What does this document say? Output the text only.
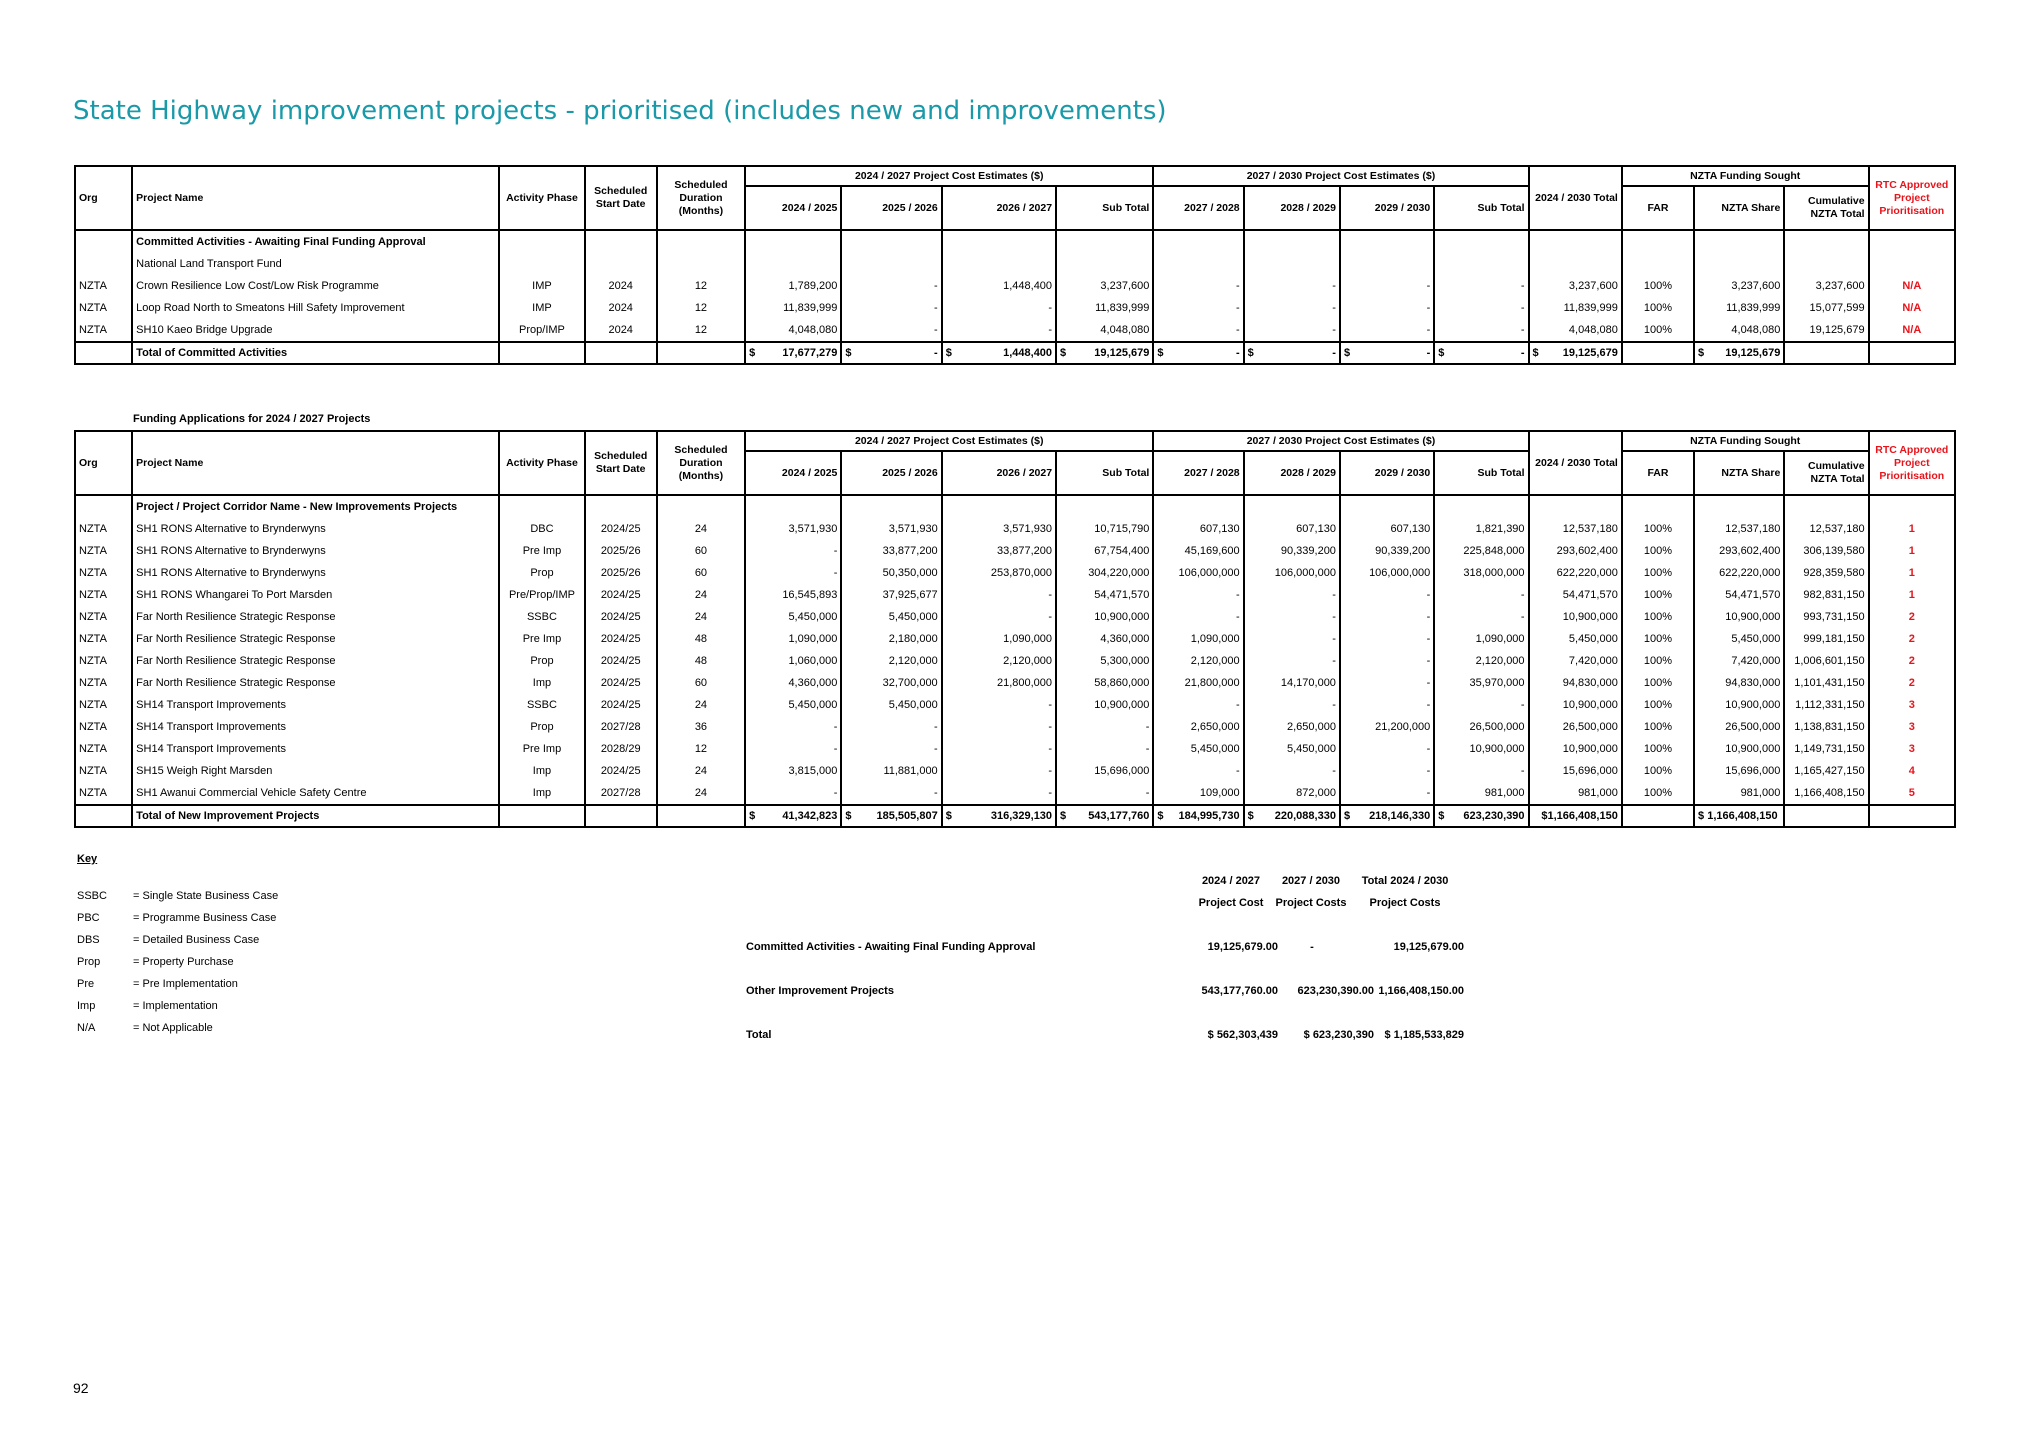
State Highway improvement projects - prioritised (includes new and improvements)
Org	Project Name	Activity Phase	Scheduled Start Date	Scheduled Duration (Months)	2024 / 2027 Project Cost Estimates ($)				2027 / 2030 Project Cost Estimates ($)				2024 / 2030 Total	NZTA Funding Sought			RTC Approved Project Prioritisation
					2024 / 2025	2025 / 2026	2026 / 2027	Sub Total	2027 / 2028	2028 / 2029	2029 / 2030	Sub Total		FAR	NZTA Share	Cumulative NZTA Total	
	Committed Activities - Awaiting Final Funding Approval																
	National Land Transport Fund																
NZTA	Crown Resilience Low Cost/Low Risk Programme	IMP	2024	12	1,789,200	-	1,448,400	3,237,600	-	-	-	-	3,237,600	100%	3,237,600	3,237,600	N/A
NZTA	Loop Road North to Smeatons Hill Safety Improvement	IMP	2024	12	11,839,999	-	-	11,839,999	-	-	-	-	11,839,999	100%	11,839,999	15,077,599	N/A
NZTA	SH10 Kaeo Bridge Upgrade	Prop/IMP	2024	12	4,048,080	-	-	4,048,080	-	-	-	-	4,048,080	100%	4,048,080	19,125,679	N/A
	Total of Committed Activities				$ 17,677,279	$ -	$ 1,448,400	$ 19,125,679	$ -	$ -	$ -	$ -	$ 19,125,679		$ 19,125,679		
Funding Applications for 2024 / 2027 Projects
Org	Project Name	Activity Phase	Scheduled Start Date	Scheduled Duration (Months)	2024 / 2027 Project Cost Estimates ($)				2027 / 2030 Project Cost Estimates ($)				2024 / 2030 Total	NZTA Funding Sought			RTC Approved Project Prioritisation
					2024 / 2025	2025 / 2026	2026 / 2027	Sub Total	2027 / 2028	2028 / 2029	2029 / 2030	Sub Total		FAR	NZTA Share	Cumulative NZTA Total	
	Project / Project Corridor Name - New Improvements Projects																
NZTA	SH1 RONS Alternative to Brynderwyns	DBC	2024/25	24	3,571,930	3,571,930	3,571,930	10,715,790	607,130	607,130	607,130	1,821,390	12,537,180	100%	12,537,180	12,537,180	1
NZTA	SH1 RONS Alternative to Brynderwyns	Pre Imp	2025/26	60	-	33,877,200	33,877,200	67,754,400	45,169,600	90,339,200	90,339,200	225,848,000	293,602,400	100%	293,602,400	306,139,580	1
NZTA	SH1 RONS Alternative to Brynderwyns	Prop	2025/26	60	-	50,350,000	253,870,000	304,220,000	106,000,000	106,000,000	106,000,000	318,000,000	622,220,000	100%	622,220,000	928,359,580	1
NZTA	SH1 RONS Whangarei To Port Marsden	Pre/Prop/IMP	2024/25	24	16,545,893	37,925,677	-	54,471,570	-	-	-	-	54,471,570	100%	54,471,570	982,831,150	1
NZTA	Far North Resilience Strategic Response	SSBC	2024/25	24	5,450,000	5,450,000	-	10,900,000	-	-	-	-	10,900,000	100%	10,900,000	993,731,150	2
NZTA	Far North Resilience Strategic Response	Pre Imp	2024/25	48	1,090,000	2,180,000	1,090,000	4,360,000	1,090,000	-	-	1,090,000	5,450,000	100%	5,450,000	999,181,150	2
NZTA	Far North Resilience Strategic Response	Prop	2024/25	48	1,060,000	2,120,000	2,120,000	5,300,000	2,120,000	-	-	2,120,000	7,420,000	100%	7,420,000	1,006,601,150	2
NZTA	Far North Resilience Strategic Response	Imp	2024/25	60	4,360,000	32,700,000	21,800,000	58,860,000	21,800,000	14,170,000	-	35,970,000	94,830,000	100%	94,830,000	1,101,431,150	2
NZTA	SH14 Transport Improvements	SSBC	2024/25	24	5,450,000	5,450,000	-	10,900,000	-	-	-	-	10,900,000	100%	10,900,000	1,112,331,150	3
NZTA	SH14 Transport Improvements	Prop	2027/28	36	-	-	-	-	2,650,000	2,650,000	21,200,000	26,500,000	26,500,000	100%	26,500,000	1,138,831,150	3
NZTA	SH14 Transport Improvements	Pre Imp	2028/29	12	-	-	-	-	5,450,000	5,450,000	-	10,900,000	10,900,000	100%	10,900,000	1,149,731,150	3
NZTA	SH15 Weigh Right Marsden	Imp	2024/25	24	3,815,000	11,881,000	-	15,696,000	-	-	-	-	15,696,000	100%	15,696,000	1,165,427,150	4
NZTA	SH1 Awanui Commercial Vehicle Safety Centre	Imp	2027/28	24	-	-	-	-	109,000	872,000	-	981,000	981,000	100%	981,000	1,166,408,150	5
	Total of New Improvement Projects				$ 41,342,823	$ 185,505,807	$ 316,329,130	$ 543,177,760	$ 184,995,730	$ 220,088,330	$ 218,146,330	$ 623,230,390	$1,166,408,150		$ 1,166,408,150		
Key
SSBC = Single State Business Case
PBC	= Programme Business Case
DBS	= Detailed Business Case
Prop	= Property Purchase
Pre	= Pre Implementation
Imp	= Implementation
N/A	= Not Applicable
2024 / 2027
Project Cost
2027 / 2030
Project Costs
Total 2024 / 2030
Project Costs
Committed Activities - Awaiting Final Funding Approval	19,125,679.00	-	19,125,679.00
Other Improvement Projects	543,177,760.00	623,230,390.00 1,166,408,150.00
Total	$ 562,303,439	$ 623,230,390 $ 1,185,533,829
92
